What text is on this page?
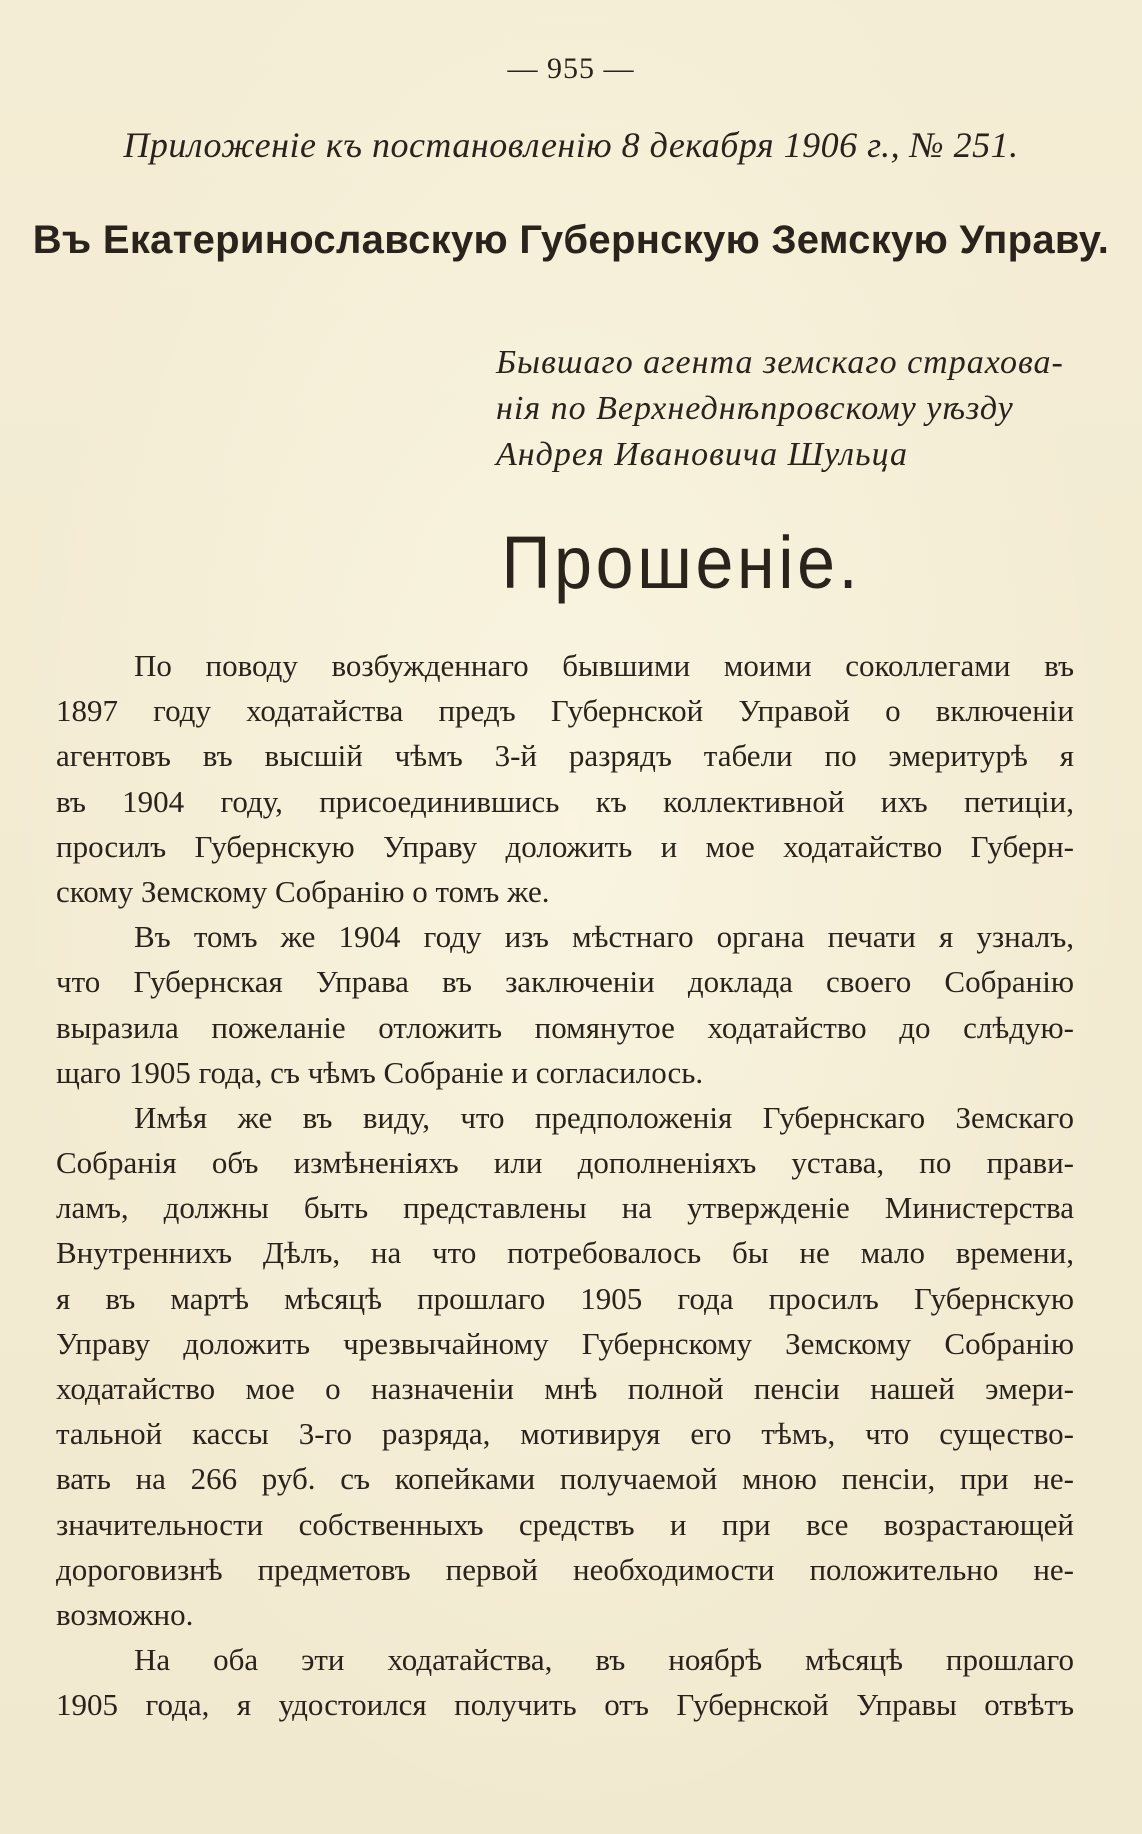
— 955 —
Приложеніе къ постановленію 8 декабря 1906 г., № 251.
Въ Екатеринославскую Губернскую Земскую Управу.
Бывшаго агента земскаго страхова-
нія по Верхнеднѣпровскому уѣзду
Андрея Ивановича Шульца
Прошеніе.
По поводу возбужденнаго бывшими моими соколлегами въ
1897 году ходатайства предъ Губернской Управой о включеніи
агентовъ въ высшій чѣмъ 3-й разрядъ табели по эмеритурѣ я
въ 1904 году, присоединившись къ коллективной ихъ петиціи,
просилъ Губернскую Управу доложить и мое ходатайство Губерн-
скому Земскому Собранію о томъ же.
Въ томъ же 1904 году изъ мѣстнаго органа печати я узналъ,
что Губернская Управа въ заключеніи доклада своего Собранію
выразила пожеланіе отложить помянутое ходатайство до слѣдую-
щаго 1905 года, съ чѣмъ Собраніе и согласилось.
Имѣя же въ виду, что предположенія Губернскаго Земскаго
Собранія объ измѣненіяхъ или дополненіяхъ устава, по прави-
ламъ, должны быть представлены на утвержденіе Министерства
Внутреннихъ Дѣлъ, на что потребовалось бы не мало времени,
я въ мартѣ мѣсяцѣ прошлаго 1905 года просилъ Губернскую
Управу доложить чрезвычайному Губернскому Земскому Собранію
ходатайство мое о назначеніи мнѣ полной пенсіи нашей эмери-
тальной кассы 3-го разряда, мотивируя его тѣмъ, что существо-
вать на 266 руб. съ копейками получаемой мною пенсіи, при не-
значительности собственныхъ средствъ и при все возрастающей
дороговизнѣ предметовъ первой необходимости положительно не-
возможно.
На оба эти ходатайства, въ ноябрѣ мѣсяцѣ прошлаго
1905 года, я удостоился получить отъ Губернской Управы отвѣтъ
